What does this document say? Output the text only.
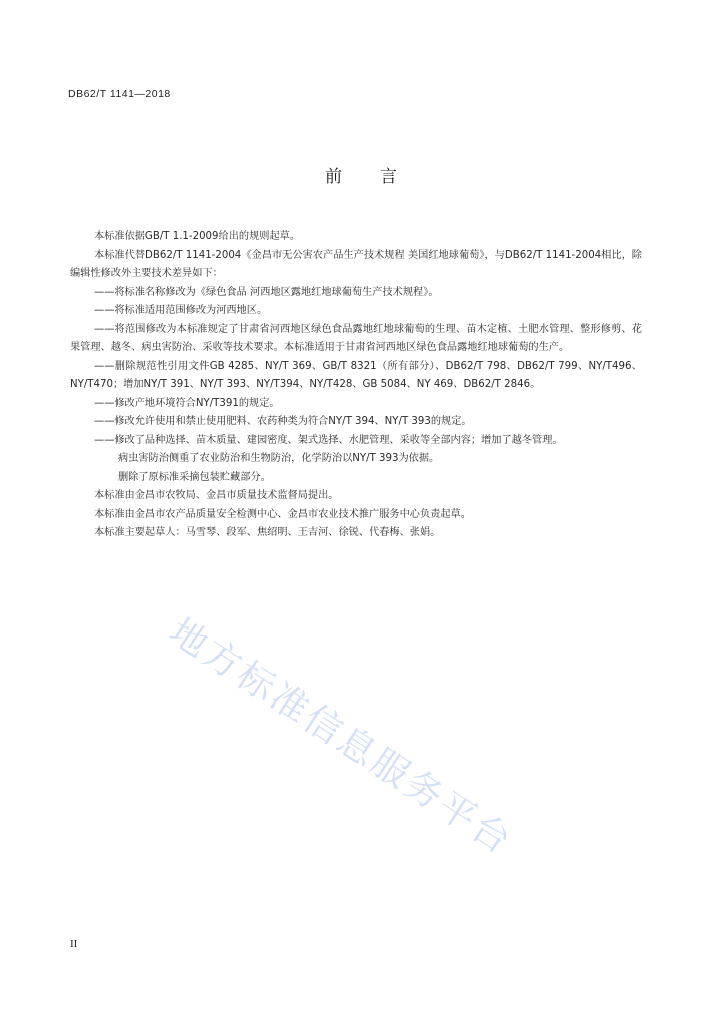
DB62/T 1141—2018
前 言

本标准依据GB/T 1.1-2009给出的规则起草。

本标准代替DB62/T 1141-2004《金昌市无公害农产品生产技术规程 美国红地球葡萄》，与DB62/T 1141-2004相比，除编辑性修改外主要技术差异如下：

——将标准名称修改为《绿色食品 河西地区露地红地球葡萄生产技术规程》。

——将标准适用范围修改为河西地区。

——将范围修改为本标准规定了甘肃省河西地区绿色食品露地红地球葡萄的生理、苗木定植、土肥水管理、整形修剪、花果管理、越冬、病虫害防治、采收等技术要求。本标准适用于甘肃省河西地区绿色食品露地红地球葡萄的生产。

——删除规范性引用文件GB 4285、NY/T 369、GB/T 8321（所有部分）、DB62/T 798、DB62/T 799、NY/T496、NY/T470；增加NY/T 391、NY/T 393、NY/T394、NY/T428、GB 5084、NY 469、DB62/T 2846。

——修改产地环境符合NY/T391的规定。

——修改允许使用和禁止使用肥料、农药种类为符合NY/T 394、NY/T 393的规定。

——修改了品种选择、苗木质量、建园密度、架式选择、水肥管理、采收等全部内容；增加了越冬管理。

病虫害防治侧重了农业防治和生物防治，化学防治以NY/T 393为依据。

删除了原标准采摘包装贮藏部分。

本标准由金昌市农牧局、金昌市质量技术监督局提出。

本标准由金昌市农产品质量安全检测中心、金昌市农业技术推广服务中心负责起草。

本标准主要起草人：马雪琴、段军、焦绍明、王吉河、徐锐、代春梅、张娟。

地方标准信息服务平台
II
